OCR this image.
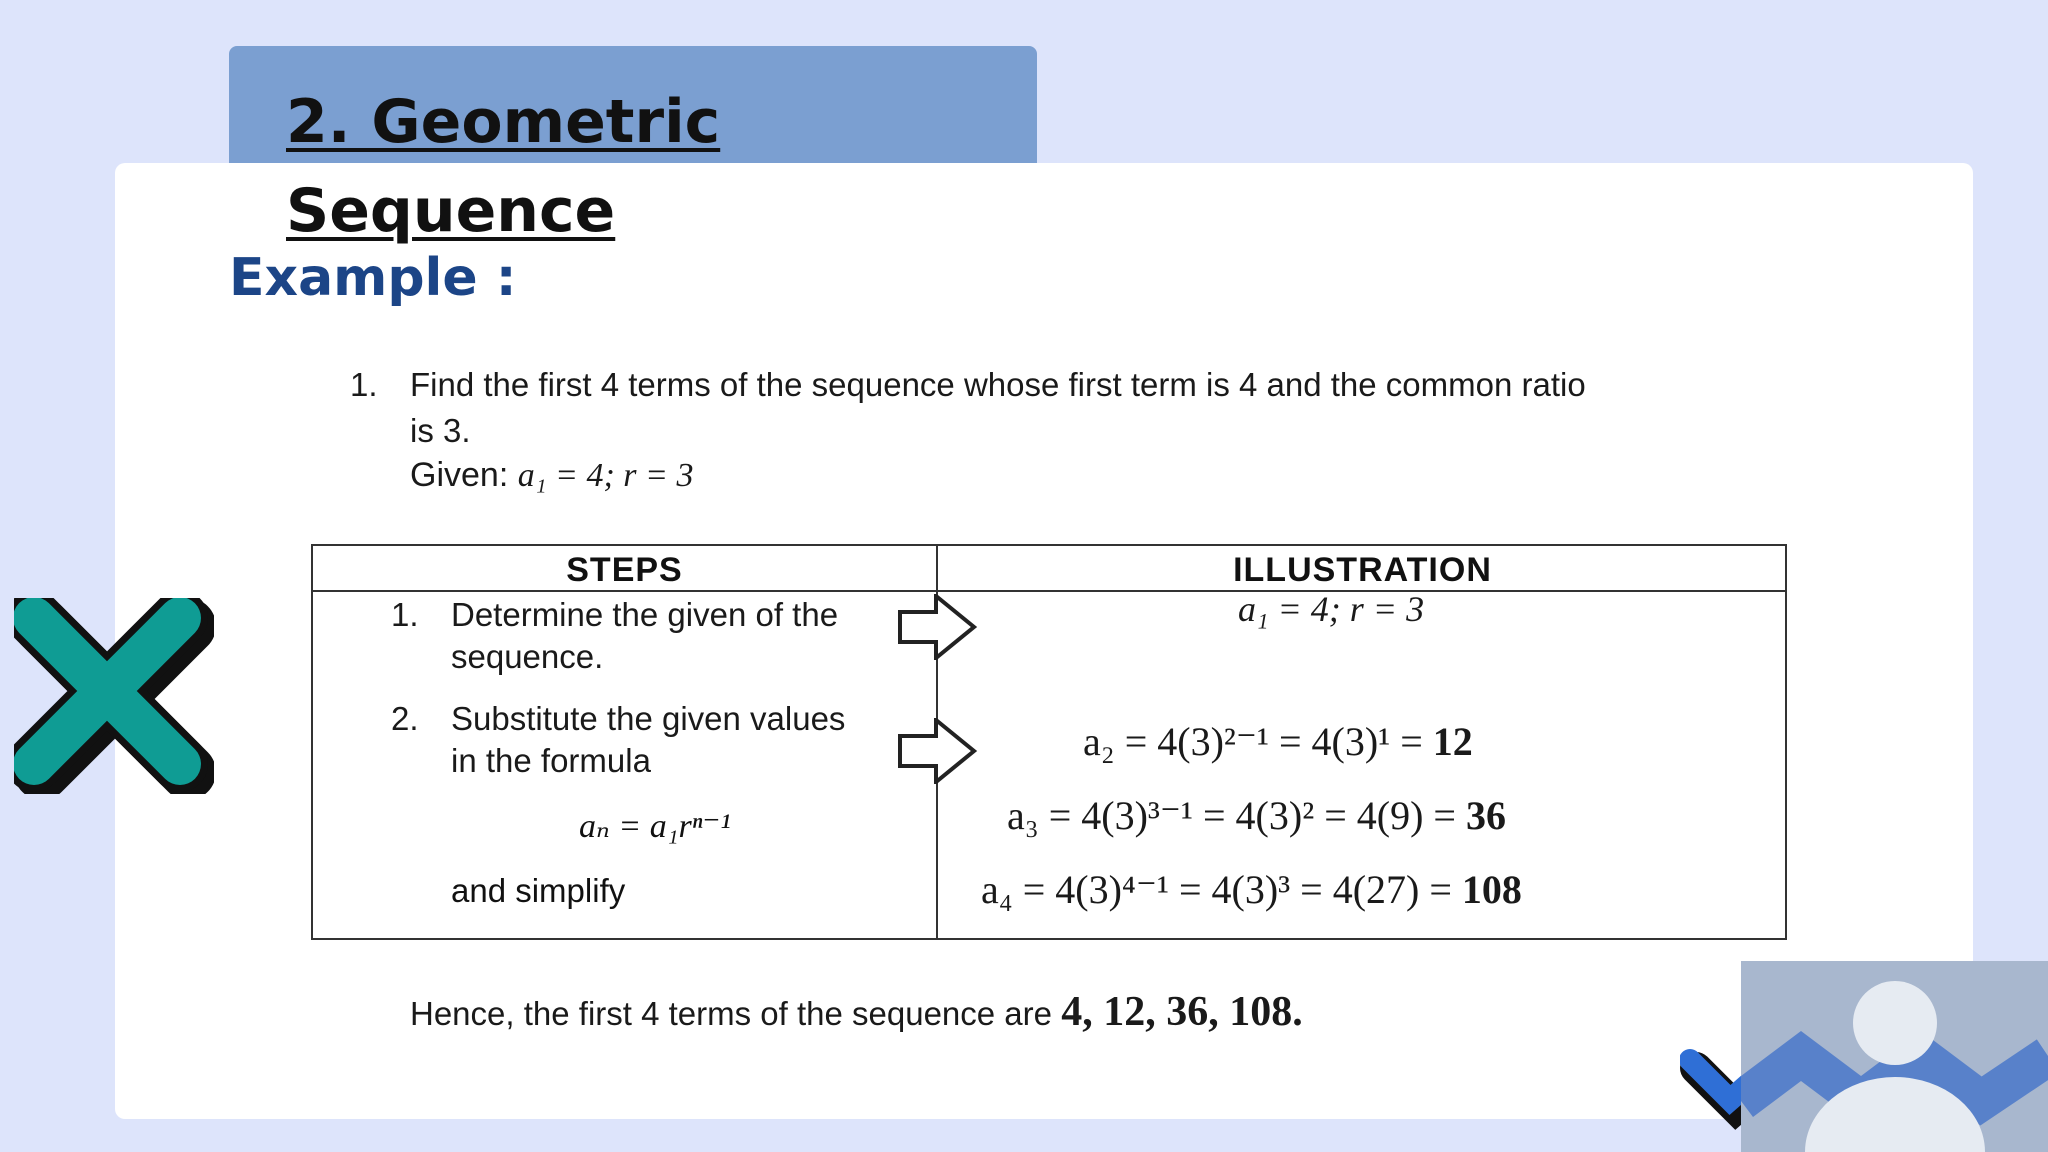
2. Geometric
Sequence
Example :
1. Find the first 4 terms of the sequence whose first term is 4 and the common ratio
is 3.
Given: a₁ = 4; r = 3
STEPS	ILLUSTRATION
1. Determine the given of the sequence.
2. Substitute the given values in the formula
aₙ = a₁rⁿ⁻¹
and simplify
a₁ = 4; r = 3
a₂ = 4(3)²⁻¹ = 4(3)¹ = 12
a₃ = 4(3)³⁻¹ = 4(3)² = 4(9) = 36
a₄ = 4(3)⁴⁻¹ = 4(3)³ = 4(27) = 108
Hence, the first 4 terms of the sequence are 4, 12, 36, 108.
